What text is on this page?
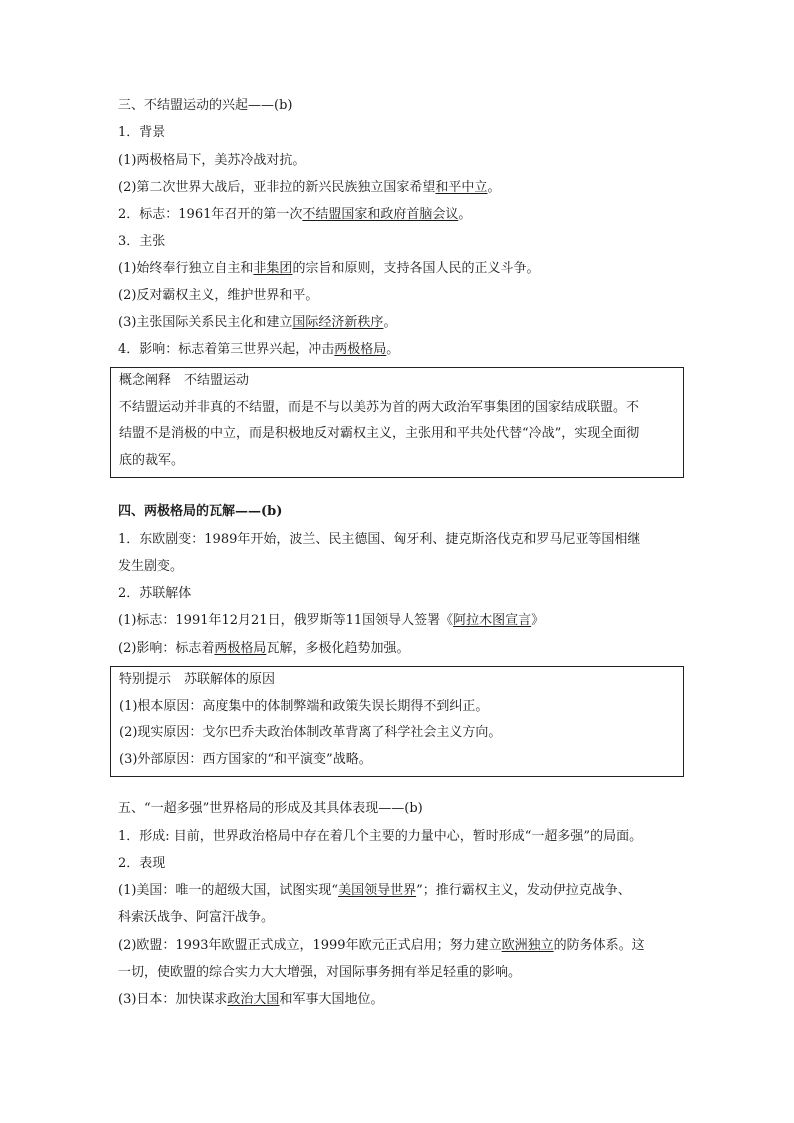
三、不结盟运动的兴起——(b)
1．背景
(1)两极格局下，美苏冷战对抗。
(2)第二次世界大战后，亚非拉的新兴民族独立国家希望和平中立。
2．标志：1961年召开的第一次不结盟国家和政府首脑会议。
3．主张
(1)始终奉行独立自主和非集团的宗旨和原则，支持各国人民的正义斗争。
(2)反对霸权主义，维护世界和平。
(3)主张国际关系民主化和建立国际经济新秩序。
4．影响：标志着第三世界兴起，冲击两极格局。
概念阐释　不结盟运动
不结盟运动并非真的不结盟，而是不与以美苏为首的两大政治军事集团的国家结成联盟。不
结盟不是消极的中立，而是积极地反对霸权主义，主张用和平共处代替“冷战”，实现全面彻
底的裁军。
四、两极格局的瓦解——(b)
1．东欧剧变：1989年开始，波兰、民主德国、匈牙利、捷克斯洛伐克和罗马尼亚等国相继
发生剧变。
2．苏联解体
(1)标志：1991年12月21日，俄罗斯等11国领导人签署《阿拉木图宣言》
(2)影响：标志着两极格局瓦解，多极化趋势加强。
特别提示　苏联解体的原因
(1)根本原因：高度集中的体制弊端和政策失误长期得不到纠正。
(2)现实原因：戈尔巴乔夫政治体制改革背离了科学社会主义方向。
(3)外部原因：西方国家的“和平演变”战略。
五、“一超多强”世界格局的形成及其具体表现——(b)
1．形成: 目前，世界政治格局中存在着几个主要的力量中心，暂时形成“一超多强”的局面。
2．表现
(1)美国：唯一的超级大国，试图实现“美国领导世界”；推行霸权主义，发动伊拉克战争、
科索沃战争、阿富汗战争。
(2)欧盟：1993年欧盟正式成立，1999年欧元正式启用；努力建立欧洲独立的防务体系。这
一切，使欧盟的综合实力大大增强，对国际事务拥有举足轻重的影响。
(3)日本：加快谋求政治大国和军事大国地位。
